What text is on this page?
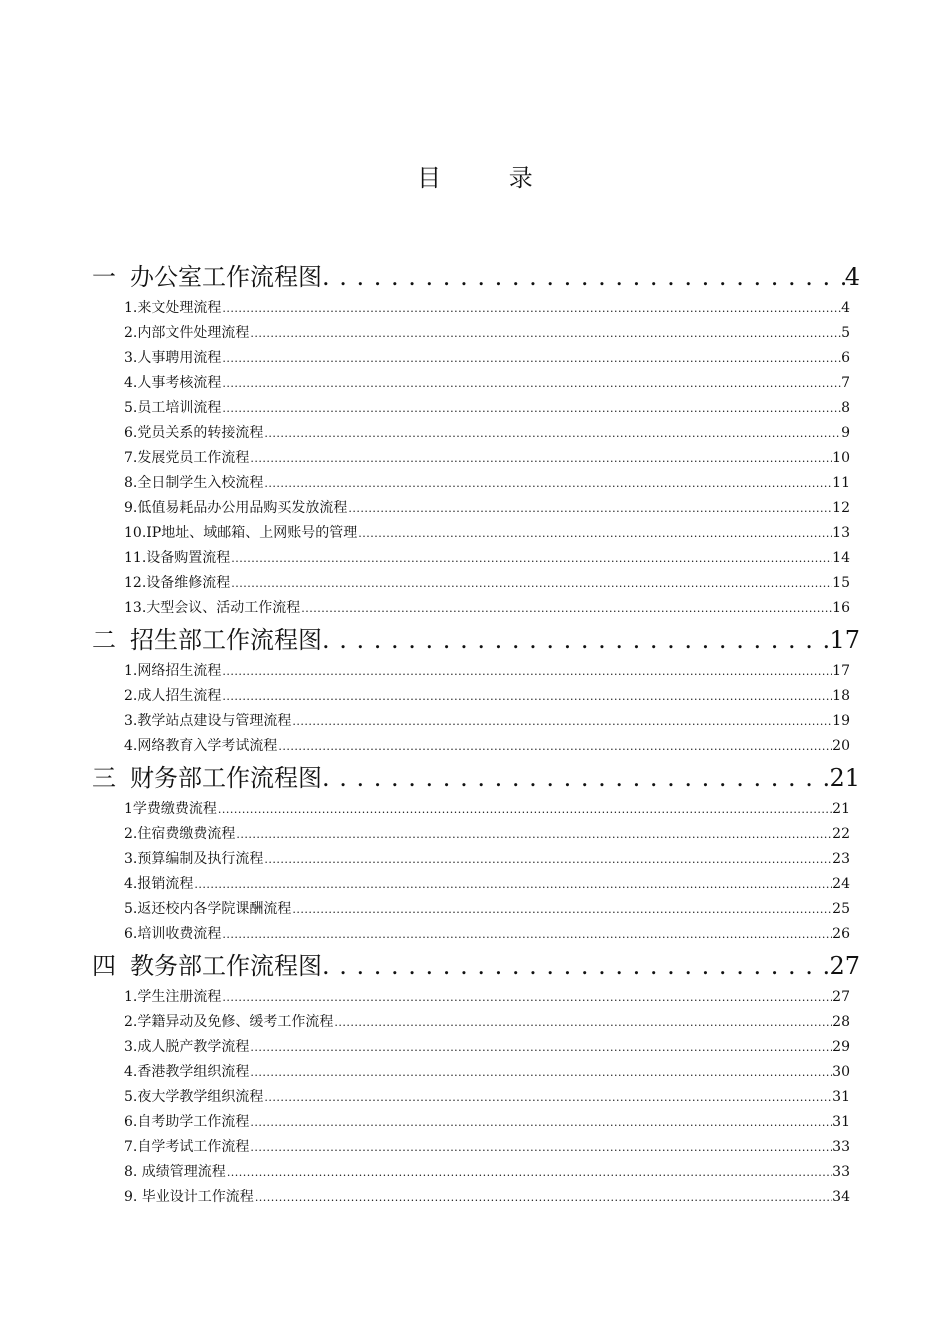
目 录
一 办公室工作流程图 . . .	4
1.来文处理流程 .....	4
2.内部文件处理流程 .....	5
3.人事聘用流程 .....	6
4.人事考核流程 .....	7
5.员工培训流程 .....	8
6.党员关系的转接流程 .....	9
7.发展党员工作流程 .....	10
8.全日制学生入校流程 .....	11
9.低值易耗品办公用品购买发放流程 .....	12
10.IP地址、域邮箱、上网账号的管理 .....	13
11.设备购置流程 .....	14
12.设备维修流程 .....	15
13.大型会议、活动工作流程 .....	16
二 招生部工作流程图 . . .	17
1.网络招生流程 .....	17
2.成人招生流程 .....	18
3.教学站点建设与管理流程 .....	19
4.网络教育入学考试流程 .....	20
三 财务部工作流程图 . . .	21
1学费缴费流程 .....	21
2.住宿费缴费流程 .....	22
3.预算编制及执行流程 .....	23
4.报销流程 .....	24
5.返还校内各学院课酬流程 .....	25
6.培训收费流程 .....	26
四 教务部工作流程图 . . .	27
1.学生注册流程 .....	27
2.学籍异动及免修、缓考工作流程 .....	28
3.成人脱产教学流程 .....	29
4.香港教学组织流程 .....	30
5.夜大学教学组织流程 .....	31
6.自考助学工作流程 .....	31
7.自学考试工作流程 .....	33
8. 成绩管理流程 .....	33
9. 毕业设计工作流程 .....	34
